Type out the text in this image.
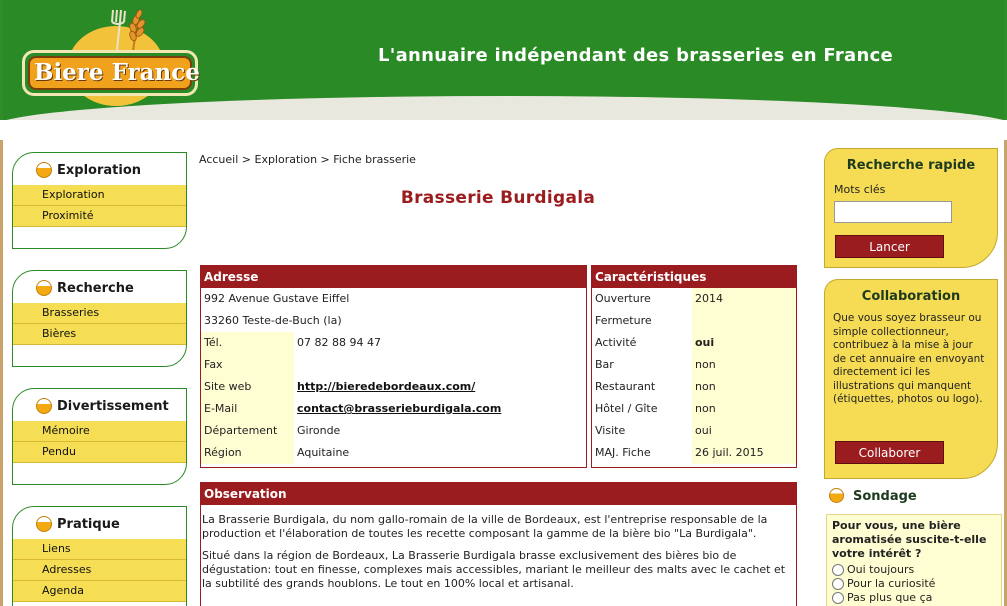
Biere France
L'annuaire indépendant des brasseries en France
Exploration
Exploration
Proximité
Recherche
Brasseries
Bières
Divertissement
Mémoire
Pendu
Pratique
Liens
Adresses
Agenda
Accueil > Exploration > Fiche brasserie
Brasserie Burdigala
Adresse
992 Avenue Gustave Eiffel
33260 Teste-de-Buch (la)
Tél.	07 82 88 94 47
Fax
Site web	http://bieredebordeaux.com/
E-Mail	contact@brasserieburdigala.com
Département	Gironde
Région	Aquitaine
Caractéristiques
Ouverture	2014
Fermeture
Activité	oui
Bar	non
Restaurant	non
Hôtel / Gîte	non
Visite	oui
MAJ. Fiche	26 juil. 2015
Observation

La Brasserie Burdigala, du nom gallo-romain de la ville de Bordeaux, est l'entreprise responsable de la production et l'élaboration de toutes les recette composant la gamme de la bière bio "La Burdigala".

Situé dans la région de Bordeaux, La Brasserie Burdigala brasse exclusivement des bières bio de dégustation: tout en finesse, complexes mais accessibles, mariant le meilleur des malts avec le cachet et la subtilité des grands houblons. Le tout en 100% local et artisanal.

Recherche rapide
Mots clés
Lancer
Collaboration
Que vous soyez brasseur ou simple collectionneur, contribuez à la mise à jour de cet annuaire en envoyant directement ici les illustrations qui manquent (étiquettes, photos ou logo).
Collaborer
Sondage
Pour vous, une bière aromatisée suscite-t-elle votre intérêt ?
Oui toujours
Pour la curiosité
Pas plus que ça
